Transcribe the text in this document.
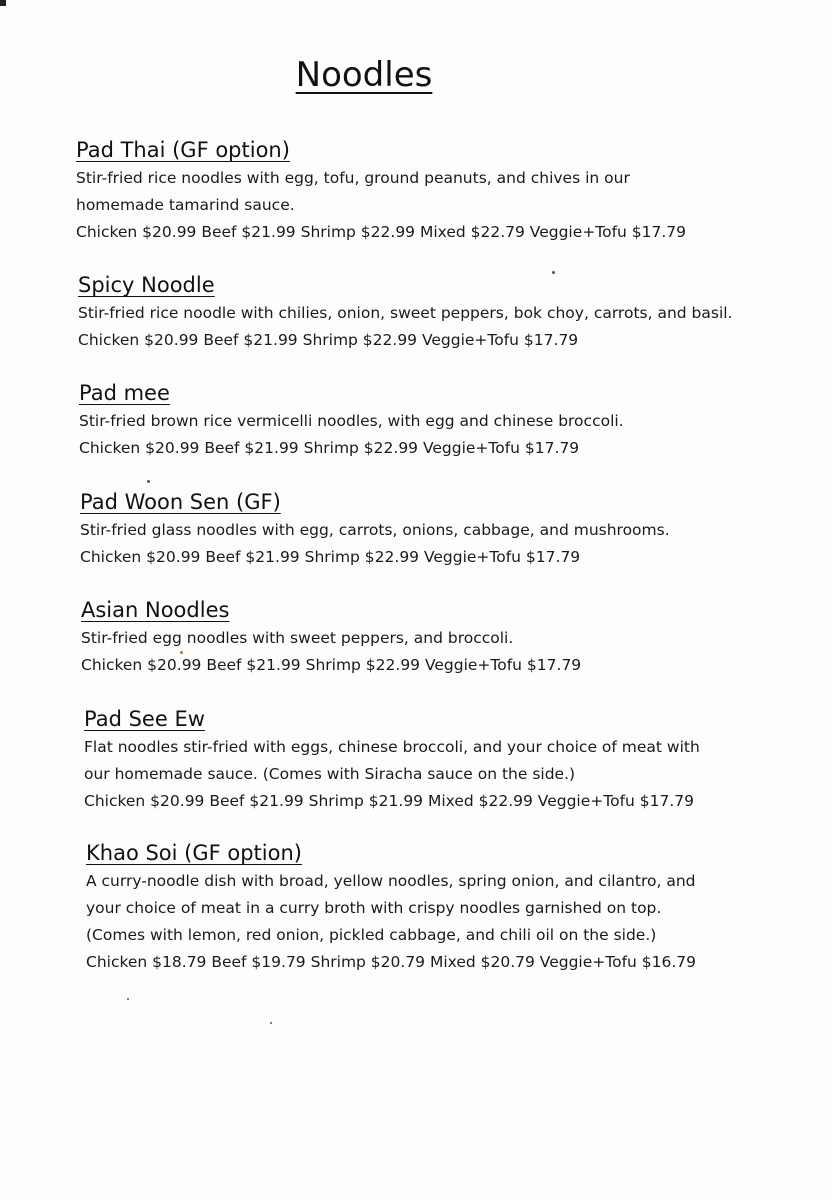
Noodles
Pad Thai (GF option)
Stir-fried rice noodles with egg, tofu, ground peanuts, and chives in our homemade tamarind sauce.
Chicken $20.99 Beef $21.99 Shrimp $22.99 Mixed $22.79 Veggie+Tofu $17.79
Spicy Noodle
Stir-fried rice noodle with chilies, onion, sweet peppers, bok choy, carrots, and basil.
Chicken $20.99 Beef $21.99 Shrimp $22.99 Veggie+Tofu $17.79
Pad mee
Stir-fried brown rice vermicelli noodles, with egg and chinese broccoli.
Chicken $20.99 Beef $21.99 Shrimp $22.99 Veggie+Tofu $17.79
Pad Woon Sen (GF)
Stir-fried glass noodles with egg, carrots, onions, cabbage, and mushrooms.
Chicken $20.99 Beef $21.99 Shrimp $22.99 Veggie+Tofu $17.79
Asian Noodles
Stir-fried egg noodles with sweet peppers, and broccoli.
Chicken $20.99 Beef $21.99 Shrimp $22.99 Veggie+Tofu $17.79
Pad See Ew
Flat noodles stir-fried with eggs, chinese broccoli, and your choice of meat with our homemade sauce. (Comes with Siracha sauce on the side.)
Chicken $20.99 Beef $21.99 Shrimp $21.99 Mixed $22.99 Veggie+Tofu $17.79
Khao Soi (GF option)
A curry-noodle dish with broad, yellow noodles, spring onion, and cilantro, and your choice of meat in a curry broth with crispy noodles garnished on top. (Comes with lemon, red onion, pickled cabbage, and chili oil on the side.)
Chicken $18.79 Beef $19.79 Shrimp $20.79 Mixed $20.79 Veggie+Tofu $16.79
